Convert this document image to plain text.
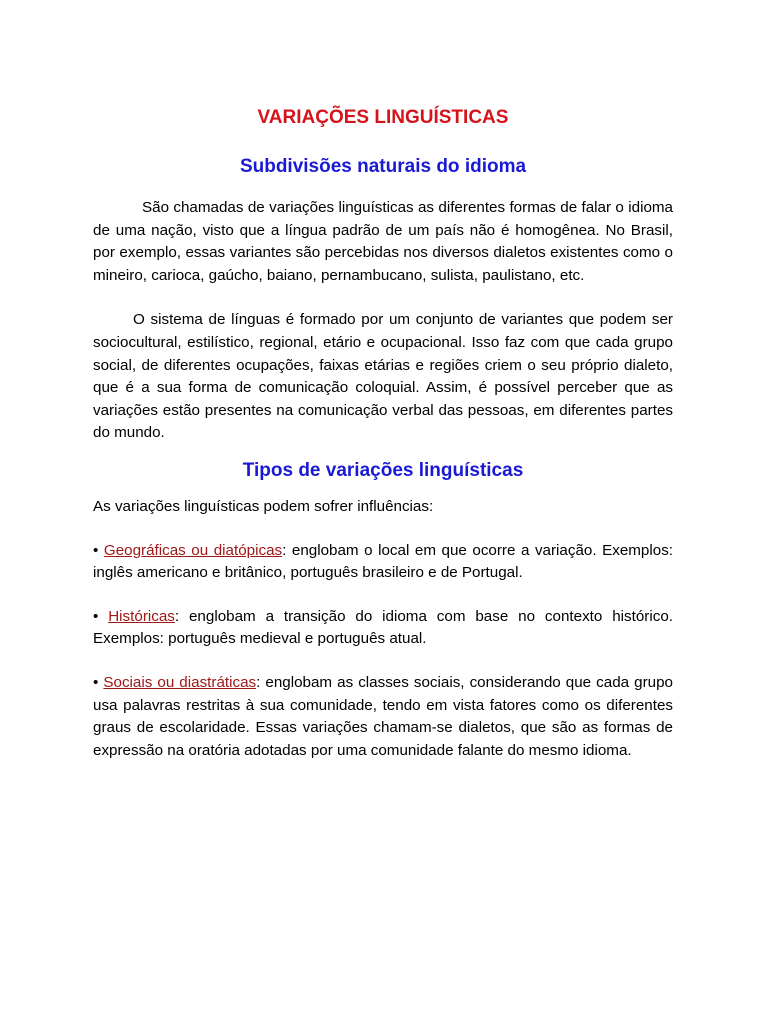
VARIAÇÕES LINGUÍSTICAS
Subdivisões naturais do idioma

São chamadas de variações linguísticas as diferentes formas de falar o idioma de uma nação, visto que a língua padrão de um país não é homogênea. No Brasil, por exemplo, essas variantes são percebidas nos diversos dialetos existentes como o mineiro, carioca, gaúcho, baiano, pernambucano, sulista, paulistano, etc.

O sistema de línguas é formado por um conjunto de variantes que podem ser sociocultural, estilístico, regional, etário e ocupacional. Isso faz com que cada grupo social, de diferentes ocupações, faixas etárias e regiões criem o seu próprio dialeto, que é a sua forma de comunicação coloquial. Assim, é possível perceber que as variações estão presentes na comunicação verbal das pessoas, em diferentes partes do mundo.

Tipos de variações linguísticas

As variações linguísticas podem sofrer influências:

• Geográficas ou diatópicas: englobam o local em que ocorre a variação. Exemplos: inglês americano e britânico, português brasileiro e de Portugal.

• Históricas: englobam a transição do idioma com base no contexto histórico. Exemplos: português medieval e português atual.

• Sociais ou diastráticas: englobam as classes sociais, considerando que cada grupo usa palavras restritas à sua comunidade, tendo em vista fatores como os diferentes graus de escolaridade. Essas variações chamam-se dialetos, que são as formas de expressão na oratória adotadas por uma comunidade falante do mesmo idioma.
